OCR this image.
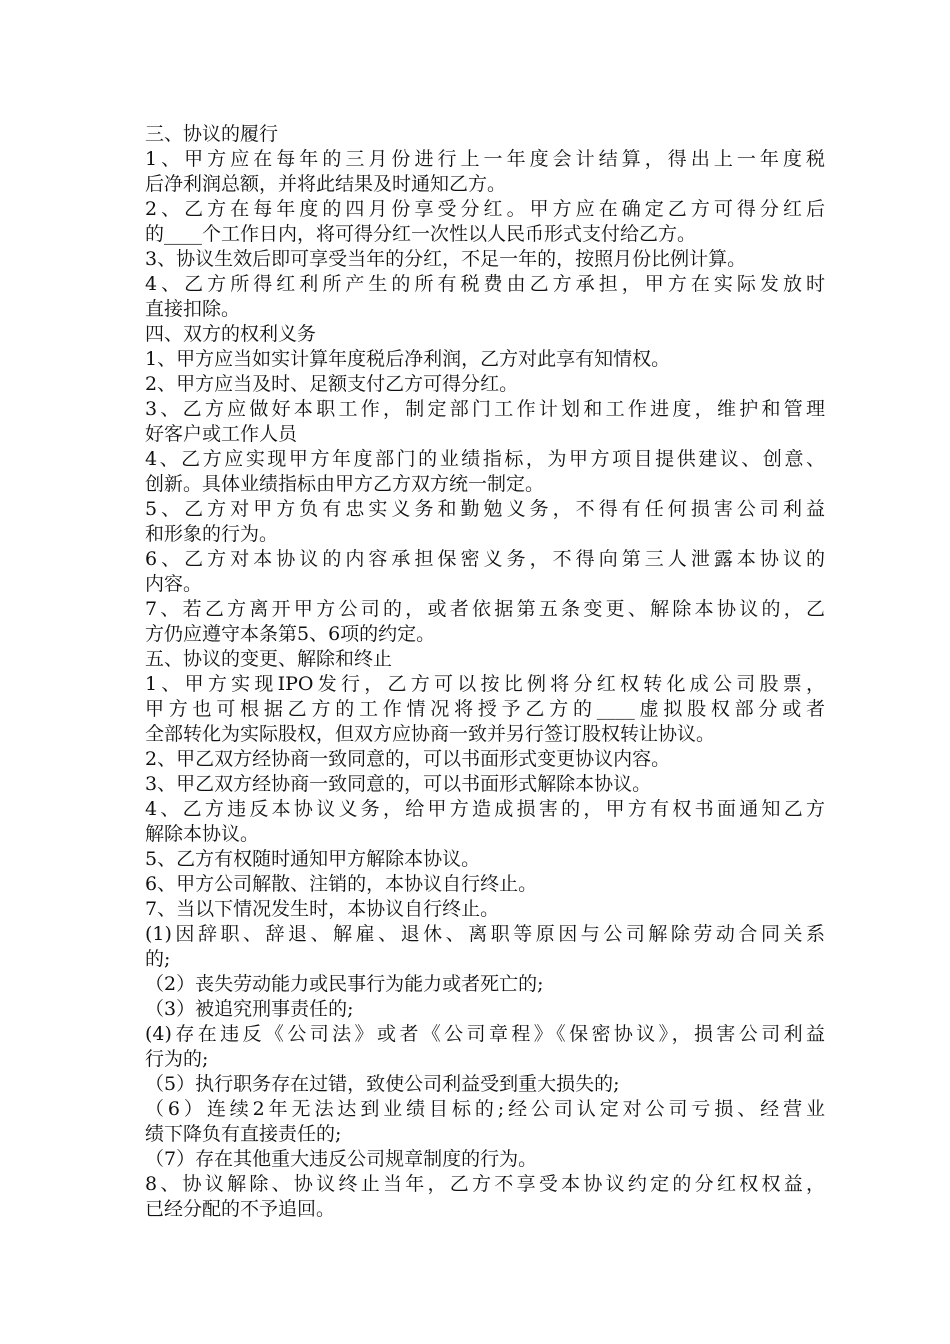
三、协议的履行
1、甲方应在每年的三月份进行上一年度会计结算，得出上一年度税
后净利润总额，并将此结果及时通知乙方。
2、乙方在每年度的四月份享受分红。甲方应在确定乙方可得分红后
的____个工作日内，将可得分红一次性以人民币形式支付给乙方。
3、协议生效后即可享受当年的分红，不足一年的，按照月份比例计算。
4、乙方所得红利所产生的所有税费由乙方承担，甲方在实际发放时
直接扣除。
四、双方的权利义务
1、甲方应当如实计算年度税后净利润，乙方对此享有知情权。
2、甲方应当及时、足额支付乙方可得分红。
3、乙方应做好本职工作，制定部门工作计划和工作进度，维护和管理
好客户或工作人员
4、乙方应实现甲方年度部门的业绩指标，为甲方项目提供建议、创意、
创新。具体业绩指标由甲方乙方双方统一制定。
5、乙方对甲方负有忠实义务和勤勉义务，不得有任何损害公司利益
和形象的行为。
6、乙方对本协议的内容承担保密义务，不得向第三人泄露本协议的
内容。
7、若乙方离开甲方公司的，或者依据第五条变更、解除本协议的，乙
方仍应遵守本条第5、6项的约定。
五、协议的变更、解除和终止
1、甲方实现IPO发行，乙方可以按比例将分红权转化成公司股票，
甲方也可根据乙方的工作情况将授予乙方的____虚拟股权部分或者
全部转化为实际股权，但双方应协商一致并另行签订股权转让协议。
2、甲乙双方经协商一致同意的，可以书面形式变更协议内容。
3、甲乙双方经协商一致同意的，可以书面形式解除本协议。
4、乙方违反本协议义务，给甲方造成损害的，甲方有权书面通知乙方
解除本协议。
5、乙方有权随时通知甲方解除本协议。
6、甲方公司解散、注销的，本协议自行终止。
7、当以下情况发生时，本协议自行终止。
(1)因辞职、辞退、解雇、退休、离职等原因与公司解除劳动合同关系
的;
（2）丧失劳动能力或民事行为能力或者死亡的;
（3）被追究刑事责任的;
(4)存在违反《公司法》或者《公司章程》《保密协议》，损害公司利益
行为的;
（5）执行职务存在过错，致使公司利益受到重大损失的;
（6）连续2年无法达到业绩目标的;经公司认定对公司亏损、经营业
绩下降负有直接责任的;
（7）存在其他重大违反公司规章制度的行为。
8、协议解除、协议终止当年，乙方不享受本协议约定的分红权权益，
已经分配的不予追回。
